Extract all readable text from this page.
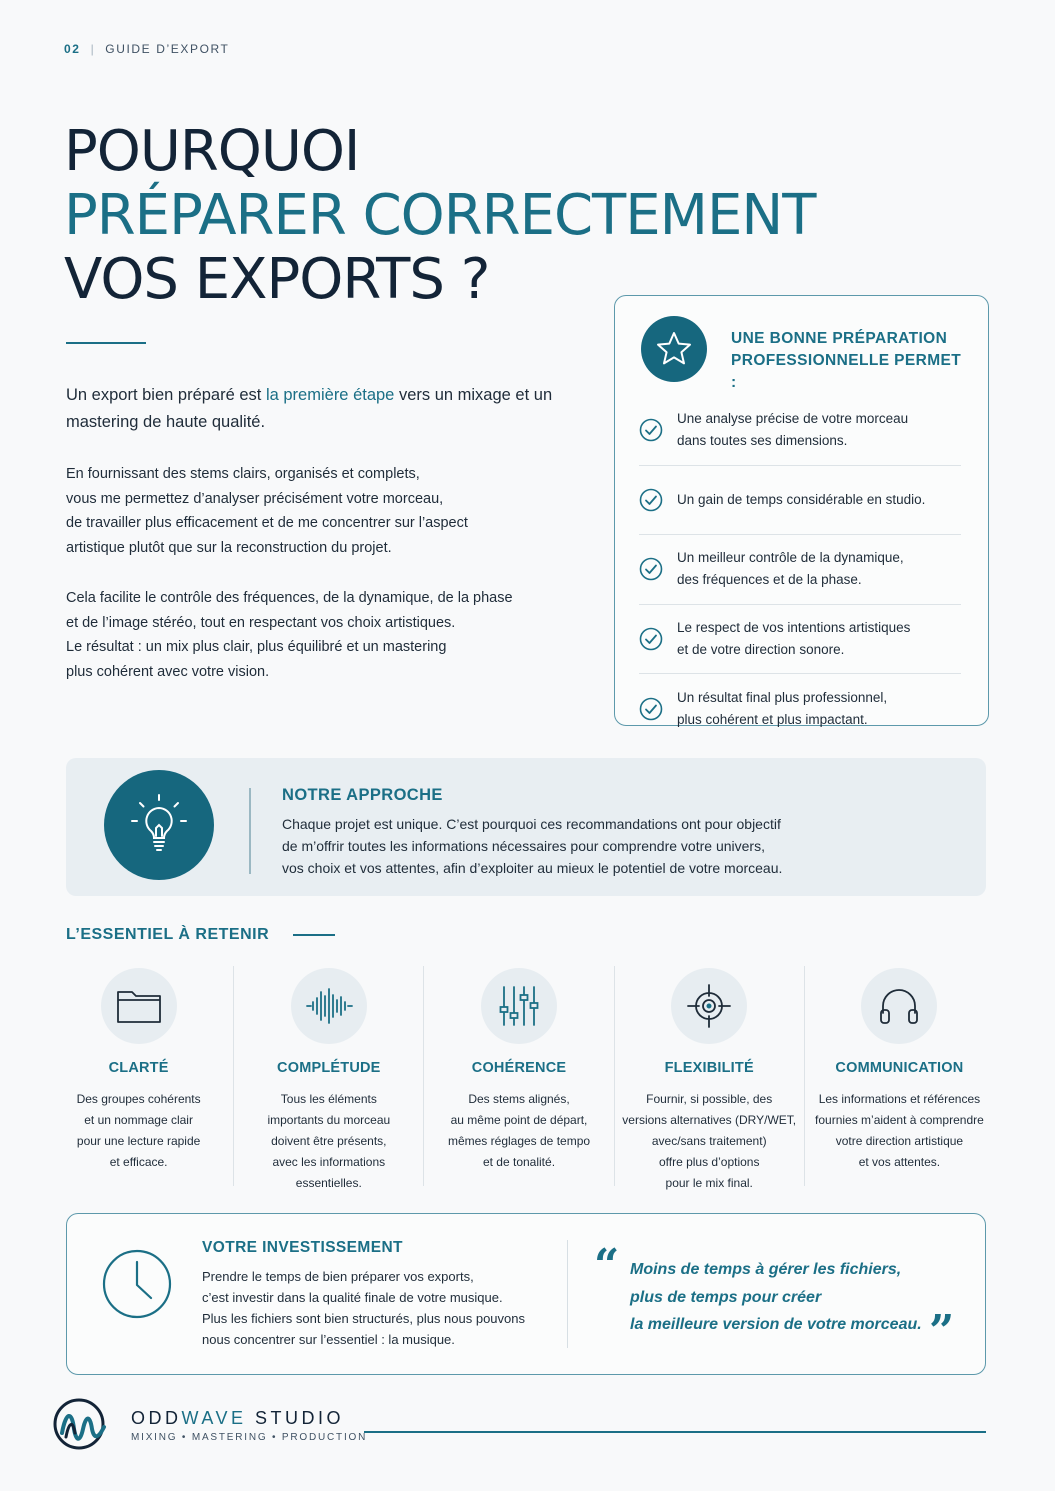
02 | GUIDE D’EXPORT
POURQUOI
PRÉPARER CORRECTEMENT
VOS EXPORTS ?

Un export bien préparé est la première étape vers un mixage et un mastering de haute qualité.

En fournissant des stems clairs, organisés et complets,
vous me permettez d’analyser précisément votre morceau,
de travailler plus efficacement et de me concentrer sur l’aspect
artistique plutôt que sur la reconstruction du projet.
Cela facilite le contrôle des fréquences, de la dynamique, de la phase
et de l’image stéréo, tout en respectant vos choix artistiques.
Le résultat : un mix plus clair, plus équilibré et un mastering
plus cohérent avec votre vision.
UNE BONNE PRÉPARATION
PROFESSIONNELLE PERMET :
Une analyse précise de votre morceau
dans toutes ses dimensions.
Un gain de temps considérable en studio.
Un meilleur contrôle de la dynamique,
des fréquences et de la phase.
Le respect de vos intentions artistiques
et de votre direction sonore.
Un résultat final plus professionnel,
plus cohérent et plus impactant.
NOTRE APPROCHE
Chaque projet est unique. C’est pourquoi ces recommandations ont pour objectif
de m’offrir toutes les informations nécessaires pour comprendre votre univers,
vos choix et vos attentes, afin d’exploiter au mieux le potentiel de votre morceau.
L’ESSENTIEL À RETENIR
CLARTÉ
Des groupes cohérents
et un nommage clair
pour une lecture rapide
et efficace.
COMPLÉTUDE
Tous les éléments
importants du morceau
doivent être présents,
avec les informations
essentielles.
COHÉRENCE
Des stems alignés,
au même point de départ,
mêmes réglages de tempo
et de tonalité.
FLEXIBILITÉ
Fournir, si possible, des
versions alternatives (DRY/WET,
avec/sans traitement)
offre plus d’options
pour le mix final.
COMMUNICATION
Les informations et références
fournies m’aident à comprendre
votre direction artistique
et vos attentes.
VOTRE INVESTISSEMENT
Prendre le temps de bien préparer vos exports,
c’est investir dans la qualité finale de votre musique.
Plus les fichiers sont bien structurés, plus nous pouvons
nous concentrer sur l’essentiel : la musique.
“ Moins de temps à gérer les fichiers,
plus de temps pour créer
la meilleure version de votre morceau. ”
ODDWAVE STUDIO
MIXING • MASTERING • PRODUCTION
